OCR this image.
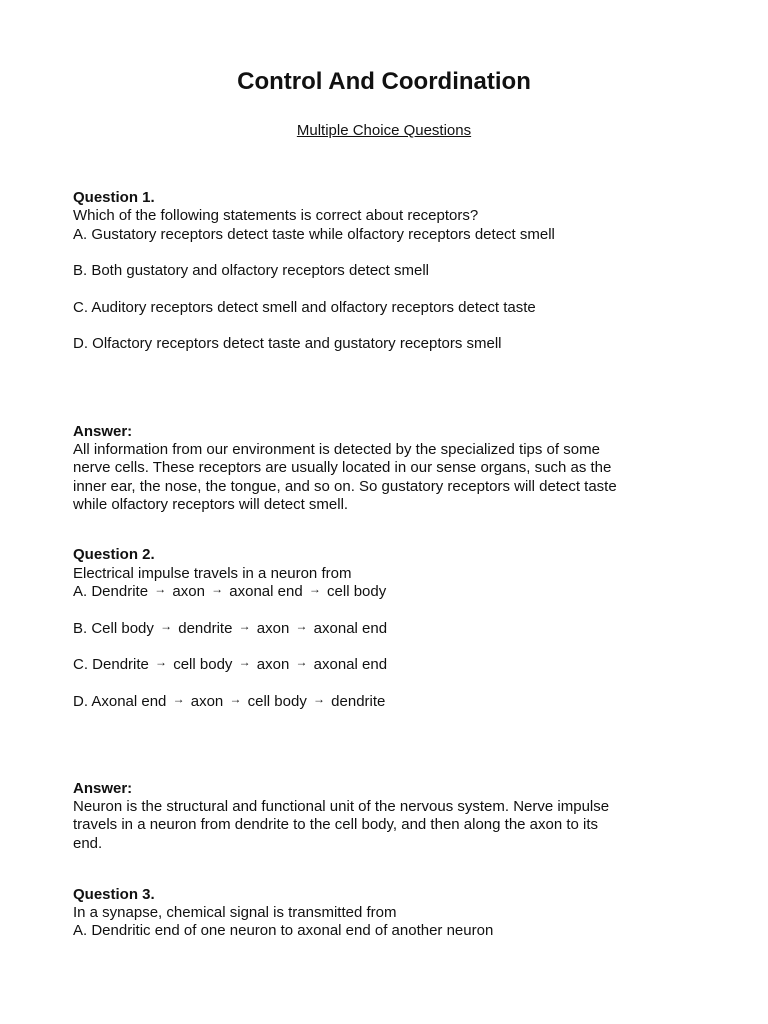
Control And Coordination
Multiple Choice Questions
Question 1.
Which of the following statements is correct about receptors?
A. Gustatory receptors detect taste while olfactory receptors detect smell
B. Both gustatory and olfactory receptors detect smell
C. Auditory receptors detect smell and olfactory receptors detect taste
D. Olfactory receptors detect taste and gustatory receptors smell
Answer:
All information from our environment is detected by the specialized tips of some
nerve cells. These receptors are usually located in our sense organs, such as the
inner ear, the nose, the tongue, and so on. So gustatory receptors will detect taste
while olfactory receptors will detect smell.
Question 2.
Electrical impulse travels in a neuron from
A. Dendrite → axon → axonal end → cell body
B. Cell body → dendrite → axon → axonal end
C. Dendrite → cell body → axon → axonal end
D. Axonal end → axon → cell body → dendrite
Answer:
Neuron is the structural and functional unit of the nervous system. Nerve impulse
travels in a neuron from dendrite to the cell body, and then along the axon to its
end.
Question 3.
In a synapse, chemical signal is transmitted from
A. Dendritic end of one neuron to axonal end of another neuron
